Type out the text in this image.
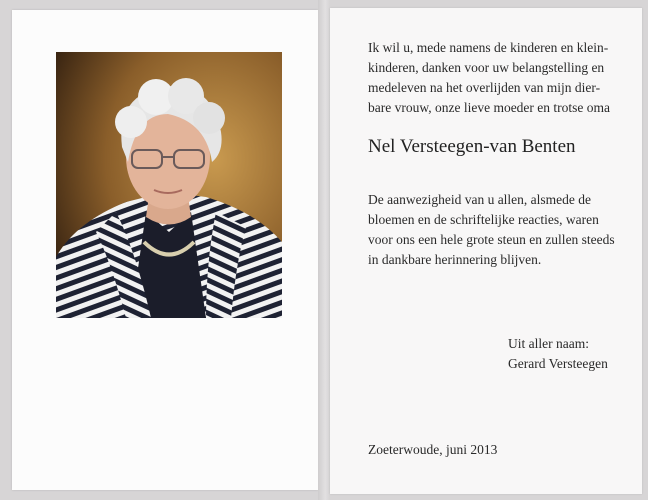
Ik wil u, mede namens de kinderen en klein-
kinderen, danken voor uw belangstelling en
medeleven na het overlijden van mijn dier-
bare vrouw, onze lieve moeder en trotse oma
Nel Versteegen-van Benten
De aanwezigheid van u allen, alsmede de
bloemen en de schriftelijke reacties, waren
voor ons een hele grote steun en zullen steeds
in dankbare herinnering blijven.
Uit aller naam:
Gerard Versteegen
Zoeterwoude, juni 2013
